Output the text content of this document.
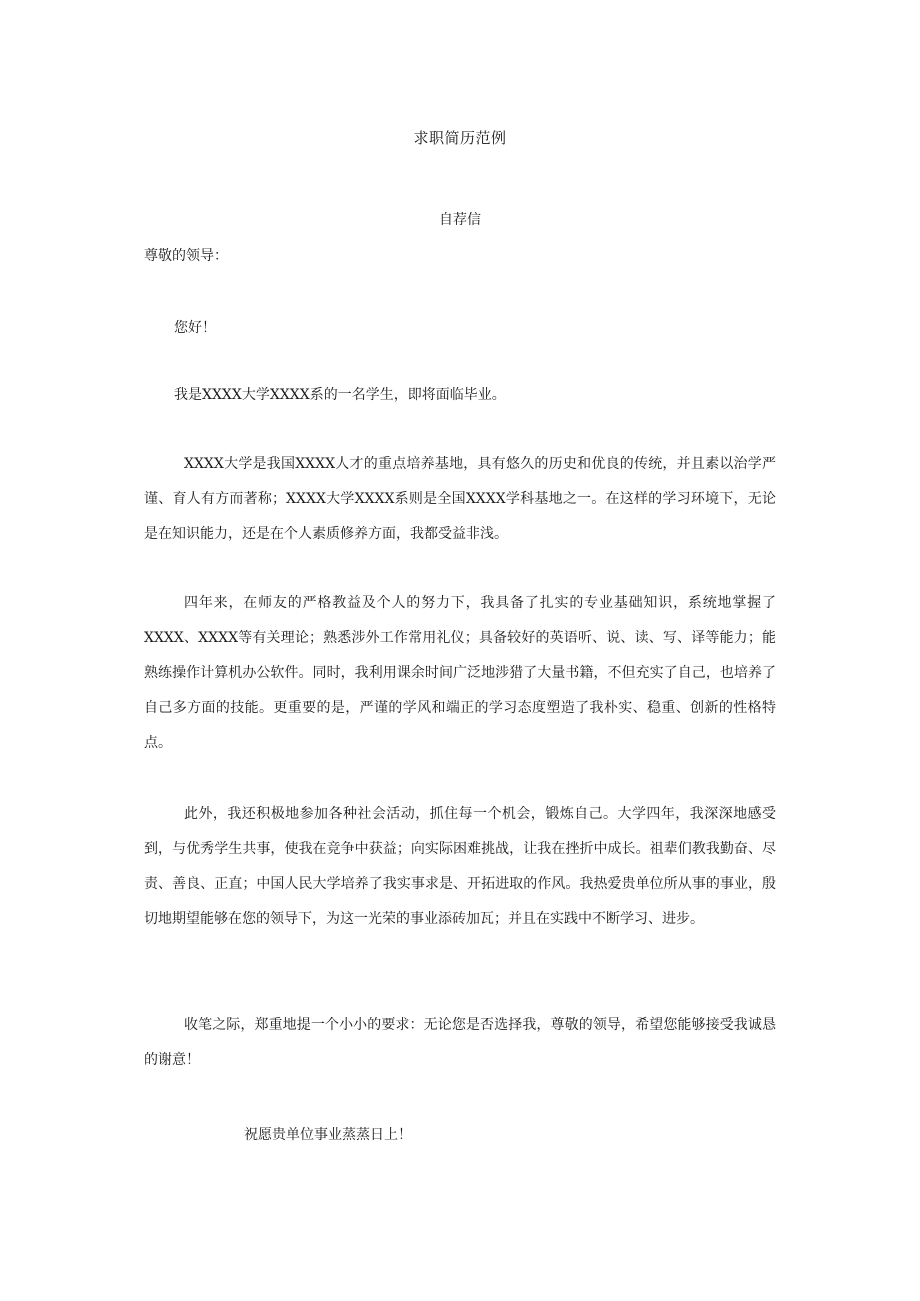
求职简历范例
自荐信
尊敬的领导：
您好！
我是XXXX大学XXXX系的一名学生，即将面临毕业。
XXXX大学是我国XXXX人才的重点培养基地，具有悠久的历史和优良的传统，并且素以治学严谨、育人有方而著称；XXXX大学XXXX系则是全国XXXX学科基地之一。在这样的学习环境下，无论是在知识能力，还是在个人素质修养方面，我都受益非浅。
四年来，在师友的严格教益及个人的努力下，我具备了扎实的专业基础知识，系统地掌握了XXXX、XXXX等有关理论；熟悉涉外工作常用礼仪；具备较好的英语听、说、读、写、译等能力；能熟练操作计算机办公软件。同时，我利用课余时间广泛地涉猎了大量书籍，不但充实了自己，也培养了自己多方面的技能。更重要的是，严谨的学风和端正的学习态度塑造了我朴实、稳重、创新的性格特点。
此外，我还积极地参加各种社会活动，抓住每一个机会，锻炼自己。大学四年，我深深地感受到，与优秀学生共事，使我在竞争中获益；向实际困难挑战，让我在挫折中成长。祖辈们教我勤奋、尽责、善良、正直；中国人民大学培养了我实事求是、开拓进取的作风。我热爱贵单位所从事的事业，殷切地期望能够在您的领导下，为这一光荣的事业添砖加瓦；并且在实践中不断学习、进步。
收笔之际，郑重地提一个小小的要求：无论您是否选择我，尊敬的领导，希望您能够接受我诚恳的谢意！
祝愿贵单位事业蒸蒸日上！
